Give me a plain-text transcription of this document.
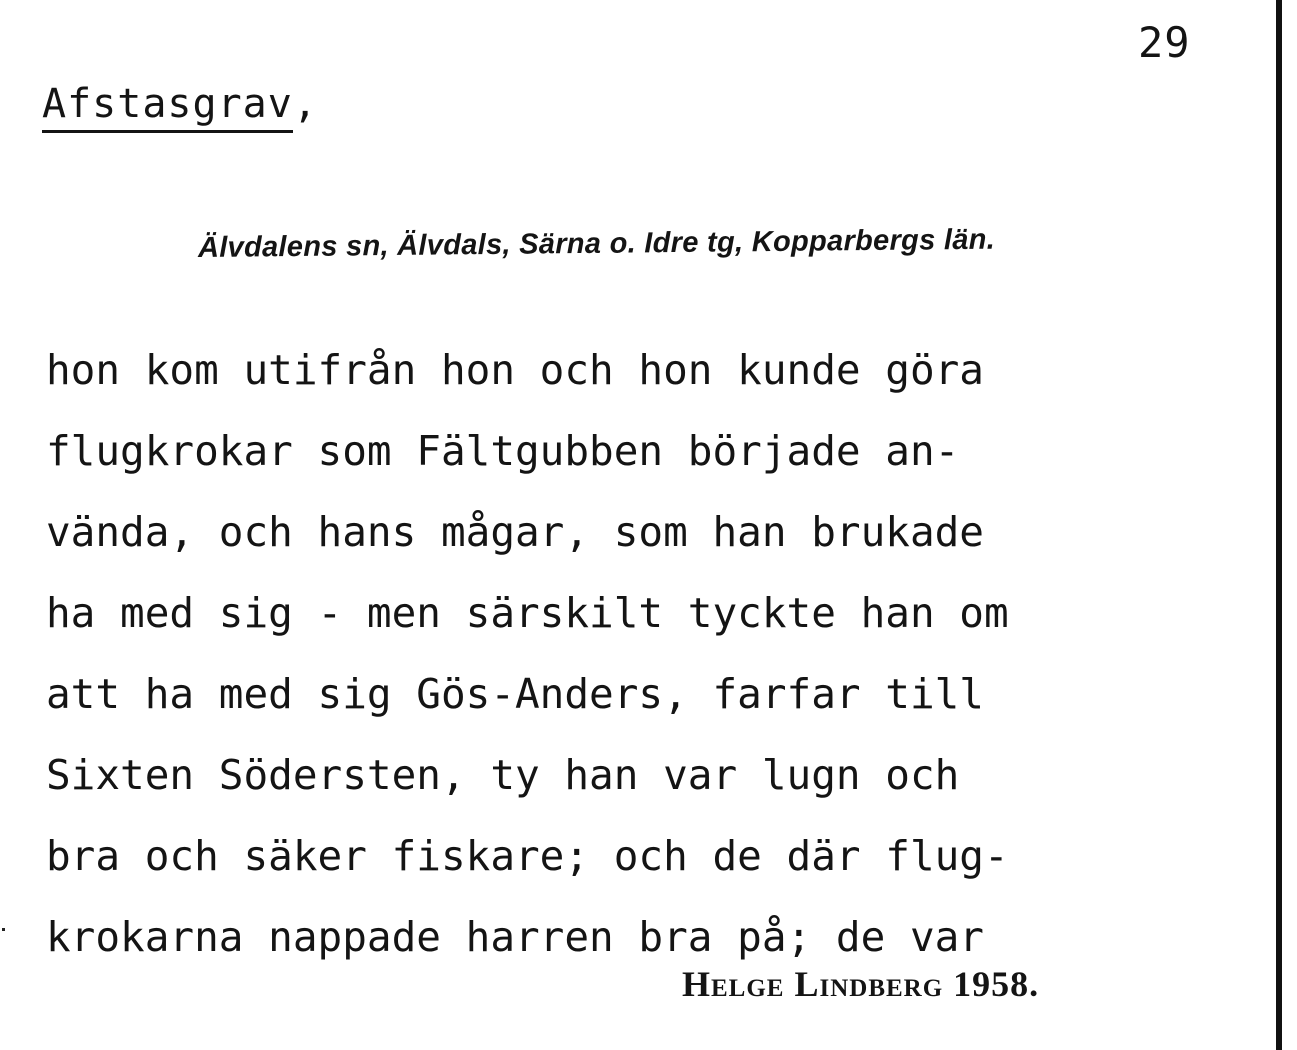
29
Afstasgrav,
Älvdalens sn, Älvdals, Särna o. Idre tg, Kopparbergs län.
hon kom utifrån hon och hon kunde göra
flugkrokar som Fältgubben började an-
vända, och hans mågar, som han brukade
ha med sig - men särskilt tyckte han om
att ha med sig Gös-Anders, farfar till
Sixten Södersten, ty han var lugn och
bra och säker fiskare; och de där flug-
krokarna nappade harren bra på; de var
Helge Lindberg 1958.
